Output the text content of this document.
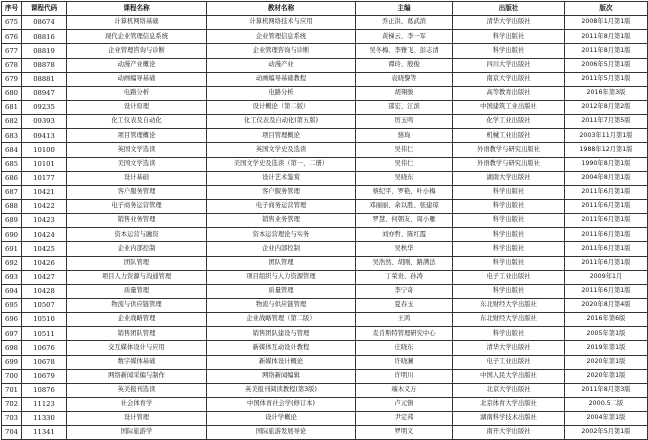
序号	课程代码	课程名称	教材名称	主编	出版社	版次
675	08674	计算机网络基础	计算机网络技术与应用	乔正洪、葛武滨	清华大学出版社	2008年1月第1版
676	08816	现代企业管理信息系统	企业管理信息系统	黄梯云、李一军	科学出版社	2011年8月第1版
677	08819	企业管理咨询与诊断	企业管理咨询与诊断	吴冬梅、李雅飞、彭志清	科学出版社	2011年8月第1版
678	08878	动漫产业概论	动漫产业	谭玲、殷俊	四川大学出版社	2006年5月第1版
679	08881	动画编导基础	动画编导基础教程	袁晓黎等	南京大学出版社	2011年5月第1版
680	08947	电路分析	电路分析	胡翔骏	高等教育出版社	2016年第3版
681	09235	设计原理	设计概论（第二版）	邵宏、江滨	中国建筑工业出版社	2012年8月第2版
682	09393	化工仪表及自动化	化工仪表及自动化(第五版)	厉玉鸣	化学工业出版社	2011年7月第5版
683	09413	项目管理概论	项目管理概论	骆珣	机械工业出版社	2003年11月第1版
684	10100	英国文学选读	英国文学史及选读	吴伟仁	外语教学与研究出版社	1988年12月第1版
685	10101	美国文学选读	美国文学史及选读（第一、二册）	吴伟仁	外语教学与研究出版社	1990年8月第1版
686	10177	设计基础	设计艺术鉴赏	吴晓东	湖南大学出版社	2004年8月第1版
687	10421	客户服务管理	客户服务管理	蔡纪平、罗艳、叶小梅	科学出版社	2011年6月第1版
688	10422	电子商务运营管理	电子商务运营管理	邓丽丽、余以胜、张建琼	科学出版社	2011年6月第1版
689	10423	销售业务管理	销售业务管理	罗慧、何朝友、周小雁	科学出版社	2011年6月第1版
690	10424	资本运营与融资	资本运营理论与实务	刘亦哲、陈红霞	科学出版社	2011年6月第1版
691	10425	企业内部控制	企业内部控制	吴秋华	科学出版社	2011年6月第1版
692	10426	团队管理	团队管理	吴浩然、胡刚、路满法	科学出版社	2011年6月第1版
693	10427	项目人力资源与沟通管理	项目组织与人力资源管理	丁荣贵、孙涛	电子工业出版社	2009年1月
694	10428	质量管理	质量管理	李宁奇	科学出版社	2011年6月第1版
695	10507	物流与供应链管理	物流与供应链管理	夏春玉	东北财经大学出版社	2020年8月第4版
696	10510	企业战略管理	企业战略管理（第二版）	王鸿	东北财经大学出版社	2016年第6版
697	10511	销售团队管理	销售团队建设与管理	麦肯斯特管理研究中心	科学出版社	2005年第1版
698	10676	交互媒体设计与应用	新媒体互动设计教程	庄晓东	清华大学出版社	2019年第1版
699	10678	数字媒体基础	新媒体设计概论	许晓澜	电子工业出版社	2020年第1版
700	10679	网络新闻采编与制作	网络新闻编辑	许明川	中国人民大学出版社	2020年第1版
701	10876	英美报刊选读	英美报刊阅读教程(第3版)	端木义万	北京大学出版社	2011年8月第3版
702	11123	社会体育学	中国体育社会学(修订本)	卢元镇	北京体育大学出版社	2000.5二版
703	11330	设计管理	设计学概论	尹定邦	湖南科学技术出版社	2004年第1版
704	11341	国际旅游学	国际旅游发展导论	罗明义	南开大学出版社	2002年5月第1版
